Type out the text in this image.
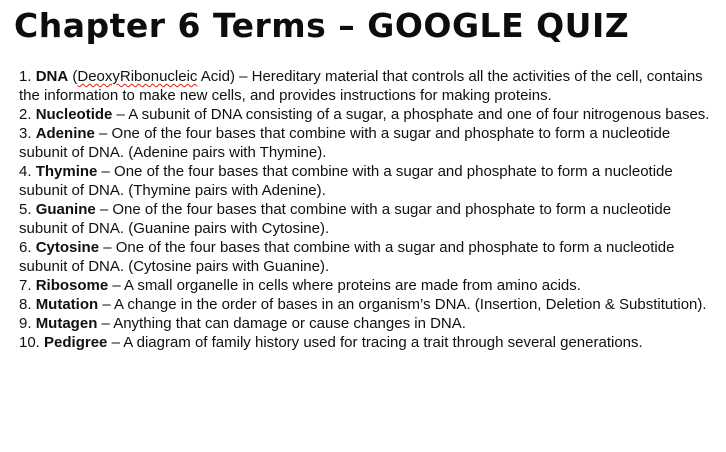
Chapter 6 Terms – GOOGLE QUIZ

1. DNA (DeoxyRibonucleic Acid) – Hereditary material that controls all the activities of the cell, contains the information to make new cells, and provides instructions for making proteins.

2. Nucleotide – A subunit of DNA consisting of a sugar, a phosphate and one of four nitrogenous bases.

3. Adenine – One of the four bases that combine with a sugar and phosphate to form a nucleotide subunit of DNA. (Adenine pairs with Thymine).

4. Thymine – One of the four bases that combine with a sugar and phosphate to form a nucleotide subunit of DNA. (Thymine pairs with Adenine).

5. Guanine – One of the four bases that combine with a sugar and phosphate to form a nucleotide subunit of DNA. (Guanine pairs with Cytosine).

6. Cytosine – One of the four bases that combine with a sugar and phosphate to form a nucleotide subunit of DNA. (Cytosine pairs with Guanine).

7. Ribosome – A small organelle in cells where proteins are made from amino acids.

8. Mutation – A change in the order of bases in an organism’s DNA. (Insertion, Deletion & Substitution).

9. Mutagen – Anything that can damage or cause changes in DNA.

10. Pedigree – A diagram of family history used for tracing a trait through several generations.
